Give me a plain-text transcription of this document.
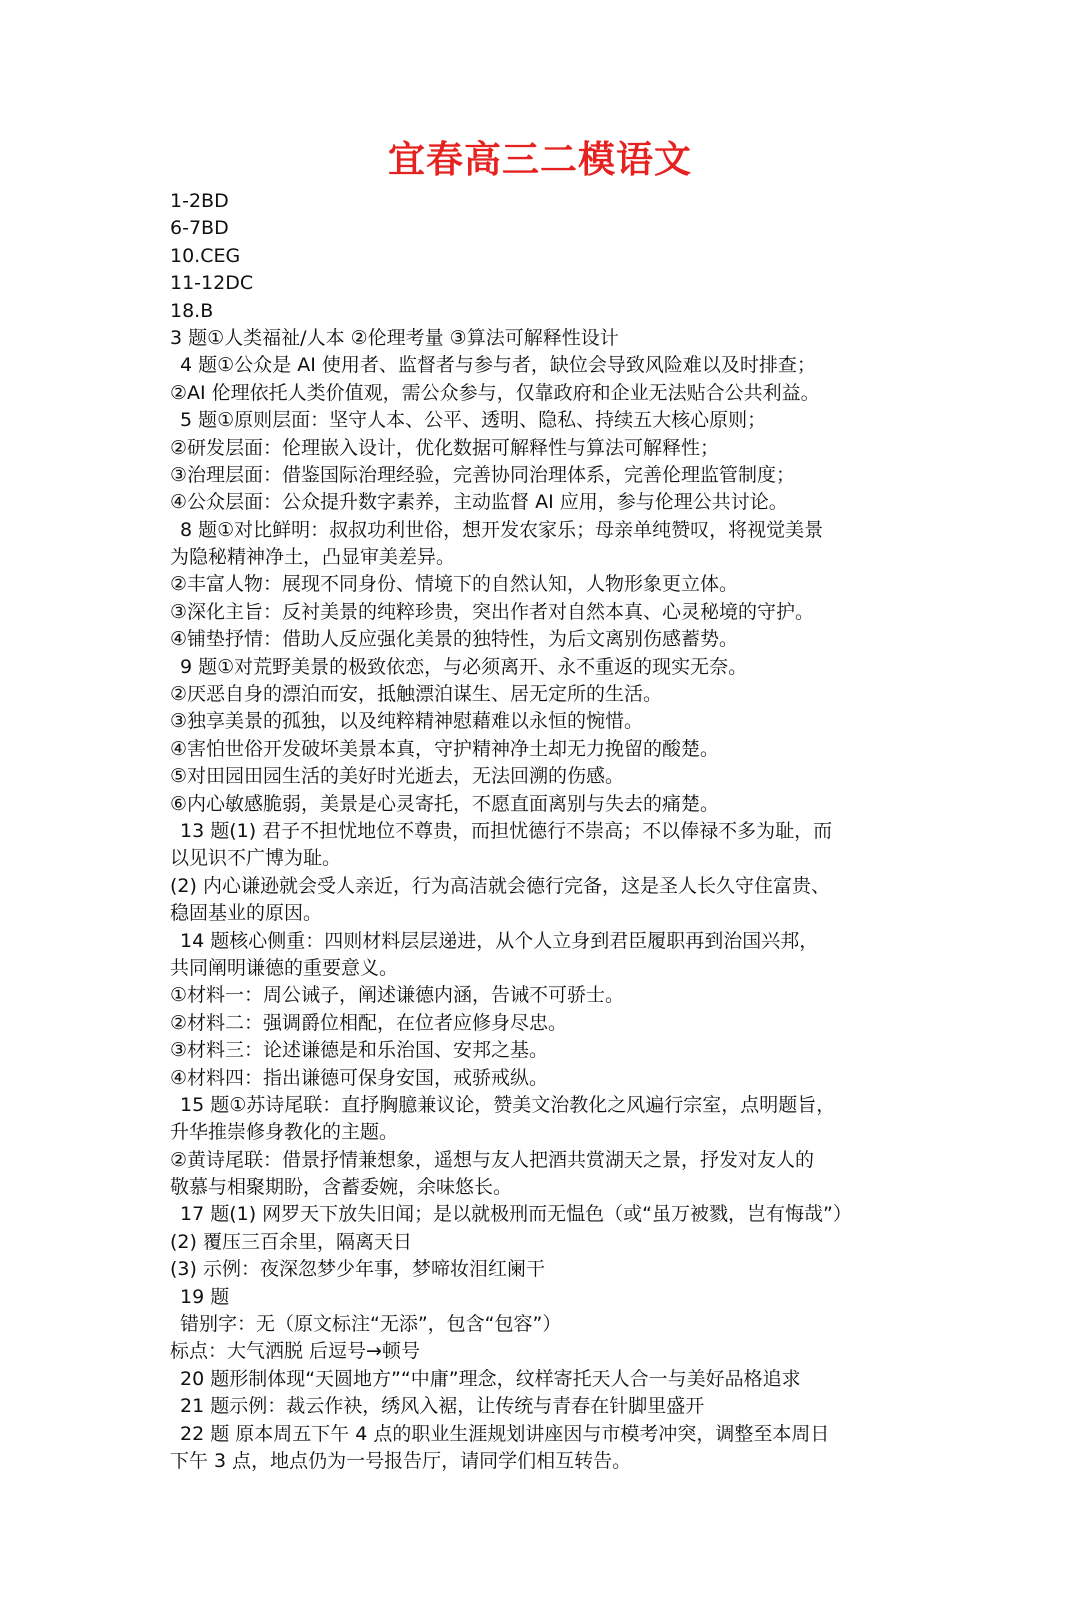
宜春高三二模语文
1-2BD
6-7BD
10.CEG
11-12DC
18.B
3 题①人类福祉/人本 ②伦理考量 ③算法可解释性设计
4 题①公众是 AI 使用者、监督者与参与者，缺位会导致风险难以及时排查；
②AI 伦理依托人类价值观，需公众参与，仅靠政府和企业无法贴合公共利益。
5 题①原则层面：坚守人本、公平、透明、隐私、持续五大核心原则；
②研发层面：伦理嵌入设计，优化数据可解释性与算法可解释性；
③治理层面：借鉴国际治理经验，完善协同治理体系，完善伦理监管制度；
④公众层面：公众提升数字素养，主动监督 AI 应用，参与伦理公共讨论。
8 题①对比鲜明：叔叔功利世俗，想开发农家乐；母亲单纯赞叹，将视觉美景
为隐秘精神净土，凸显审美差异。
②丰富人物：展现不同身份、情境下的自然认知，人物形象更立体。
③深化主旨：反衬美景的纯粹珍贵，突出作者对自然本真、心灵秘境的守护。
④铺垫抒情：借助人反应强化美景的独特性，为后文离别伤感蓄势。
9 题①对荒野美景的极致依恋，与必须离开、永不重返的现实无奈。
②厌恶自身的漂泊而安，抵触漂泊谋生、居无定所的生活。
③独享美景的孤独，以及纯粹精神慰藉难以永恒的惋惜。
④害怕世俗开发破坏美景本真，守护精神净土却无力挽留的酸楚。
⑤对田园田园生活的美好时光逝去，无法回溯的伤感。
⑥内心敏感脆弱，美景是心灵寄托，不愿直面离别与失去的痛楚。
13 题(1) 君子不担忧地位不尊贵，而担忧德行不崇高；不以俸禄不多为耻，而
以见识不广博为耻。
(2) 内心谦逊就会受人亲近，行为高洁就会德行完备，这是圣人长久守住富贵、
稳固基业的原因。
14 题核心侧重：四则材料层层递进，从个人立身到君臣履职再到治国兴邦，
共同阐明谦德的重要意义。
①材料一：周公诫子，阐述谦德内涵，告诫不可骄士。
②材料二：强调爵位相配，在位者应修身尽忠。
③材料三：论述谦德是和乐治国、安邦之基。
④材料四：指出谦德可保身安国，戒骄戒纵。
15 题①苏诗尾联：直抒胸臆兼议论，赞美文治教化之风遍行宗室，点明题旨，
升华推崇修身教化的主题。
②黄诗尾联：借景抒情兼想象，遥想与友人把酒共赏湖天之景，抒发对友人的
敬慕与相聚期盼，含蓄委婉，余味悠长。
17 题(1) 网罗天下放失旧闻；是以就极刑而无愠色（或“虽万被戮，岂有悔哉”）
(2) 覆压三百余里，隔离天日
(3) 示例：夜深忽梦少年事，梦啼妆泪红阑干
19 题
错别字：无（原文标注“无添”，包含“包容”）
标点：大气洒脱 后逗号→顿号
20 题形制体现“天圆地方”“中庸”理念，纹样寄托天人合一与美好品格追求
21 题示例：裁云作袂，绣风入裾，让传统与青春在针脚里盛开
22 题 原本周五下午 4 点的职业生涯规划讲座因与市模考冲突，调整至本周日
下午 3 点，地点仍为一号报告厅，请同学们相互转告。
